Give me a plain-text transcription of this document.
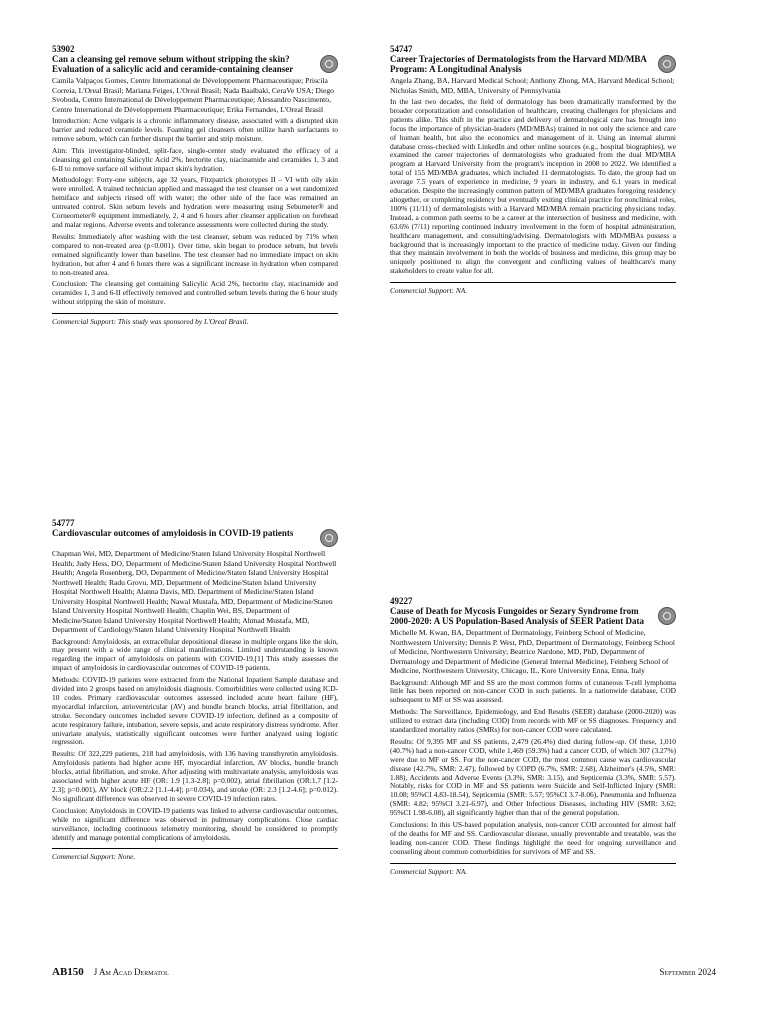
53902
Can a cleansing gel remove sebum without stripping the skin? Evaluation of a salicylic acid and ceramide-containing cleanser
Camila Valpaços Gomes, Centre International de Développement Pharmaceutique; Priscila Correia, L'Oreal Brasil; Mariana Feiges, L'Oreal Brasil; Nada Baalbaki, CeraVe USA; Diego Svoboda, Centre International de Développement Pharmaceutique; Alessandro Nascimento, Centre International de Développement Pharmaceutique; Erika Fernandes, L'Oreal Brasil
Introduction: Acne vulgaris is a chronic inflammatory disease, associated with a disrupted skin barrier and reduced ceramide levels. Foaming gel cleansers often utilize harsh surfactants to remove sebum, which can further disrupt the barrier and strip moisture.
Aim: This investigator-blinded, split-face, single-center study evaluated the efficacy of a cleansing gel containing Salicylic Acid 2%, hectorite clay, niacinamide and ceramides 1, 3 and 6-II to remove surface oil without impact skin's hydration.
Methodology: Forty-one subjects, age 32 years, Fitzpatrick phototypes II – VI with oily skin were enrolled. A trained technician applied and massaged the test cleanser on a wet randomized hemiface and subjects rinsed off with water; the other side of the face was remained an untreated control. Skin sebum levels and hydration were measuring using Sebumeter® and Corneometer® equipment immediately, 2, 4 and 6 hours after cleanser application on forehead and malar regions. Adverse events and tolerance assessments were collected during the study.
Results: Immediately after washing with the test cleanser, sebum was reduced by 71% when compared to non-treated area (p<0.001). Over time, skin began to produce sebum, but levels remained significantly lower than baseline. The test cleanser had no immediate impact on skin hydration, but after 4 and 6 hours there was a significant increase in hydration when compared to non-treated area.
Conclusion: The cleansing gel containing Salicylic Acid 2%, hectorite clay, niacinamide and ceramides 1, 3 and 6-II effectively removed and controlled sebum levels during the 6 hour study without stripping the skin of moisture.
Commercial Support: This study was sponsored by L'Oreal Brasil.
54747
Career Trajectories of Dermatologists from the Harvard MD/MBA Program: A Longitudinal Analysis
Angela Zhang, BA, Harvard Medical School; Anthony Zhong, MA, Harvard Medical School; Nicholas Smith, MD, MBA, University of Pennsylvania
In the last two decades, the field of dermatology has been dramatically transformed by the broader corporatization and consolidation of healthcare, creating challenges for physicians and patients alike. This shift in the practice and delivery of dermatological care has brought into focus the importance of physician-leaders (MD/MBAs) trained in not only the science and care of human health, but also the economics and management of it. Using an internal alumni database cross-checked with LinkedIn and other online sources (e.g., hospital biographies), we examined the career trajectories of dermatologists who graduated from the dual MD/MBA program at Harvard University from the program's inception in 2008 to 2022. We identified a total of 155 MD/MBA graduates, which included 11 dermatologists. To date, the group had on average 7.5 years of experience in medicine, 9 years in industry, and 6.1 years in medical education. Despite the increasingly common pattern of MD/MBA graduates foregoing residency altogether, or completing residency but eventually exiting clinical practice for nonclinical roles, 100% (11/11) of dermatologists with a Harvard MD/MBA remain practicing physicians today. Instead, a common path seems to be a career at the intersection of business and medicine, with 63.6% (7/11) reporting continued industry involvement in the form of hospital administration, healthcare management, and consulting/advising. Dermatologists with MD/MBAs possess a background that is increasingly important to the practice of medicine today. Given our finding that they maintain involvement in both the worlds of business and medicine, this group may be uniquely positioned to align the convergent and conflicting values of healthcare's many stakeholders to create value for all.
Commercial Support: NA.
54777
Cardiovascular outcomes of amyloidosis in COVID-19 patients
Chapman Wei, MD, Department of Medicine/Staten Island University Hospital Northwell Health; Judy Hess, DO, Department of Medicine/Staten Island University Hospital Northwell Health; Angela Rosenberg, DO, Department of Medicine/Staten Island University Hospital Northwell Health; Radu Grovu, MD, Department of Medicine/Staten Island University Hospital Northwell Health; Alanna Davis, MD, Department of Medicine/Staten Island University Hospital Northwell Health; Nawal Mustafa, MD, Department of Medicine/Staten Island University Hospital Northwell Health; Chaplin Wei, BS, Department of Medicine/Staten Island University Hospital Northwell Health; Ahmad Mustafa, MD, Department of Cardiology/Staten Island University Hospital Northwell Health
Background: Amyloidosis, an extracellular depositional disease in multiple organs like the skin, may present with a wide range of clinical manifestations. Limited understanding is known regarding the impact of amyloidosis on patients with COVID-19.[1] This study assesses the impact of amyloidosis in cardiovascular outcomes of COVID-19 patients.
Methods: COVID-19 patients were extracted from the National Inpatient Sample database and divided into 2 groups based on amyloidosis diagnosis. Comorbidities were collected using ICD-10 codes. Primary cardiovascular outcomes assessed included acute heart failure (HF), myocardial infarction, atrioventricular (AV) and bundle branch blocks, atrial fibrillation, and stroke. Secondary outcomes included severe COVID-19 infection, defined as a composite of acute respiratory failure, intubation, severe sepsis, and acute respiratory distress syndrome. After univariate analysis, statistically significant outcomes were further analyzed using logistic regression.
Results: Of 322,229 patients, 218 had amyloidosis, with 136 having transthyretin amyloidosis. Amyloidosis patients had higher acute HF, myocardial infarction, AV blocks, bundle branch blocks, atrial fibrillation, and stroke. After adjusting with multivariate analysis, amyloidosis was associated with higher acute HF (OR: 1.9 [1.3-2.8]; p=0.002), atrial fibrillation (OR:1.7 [1.2-2.3]; p=0.001), AV block (OR:2.2 [1.1-4.4]; p=0.034), and stroke (OR: 2.3 [1.2-4.6]; p=0.012). No significant difference was observed in severe COVID-19 infection rates.
Conclusion: Amyloidosis in COVID-19 patients was linked to adverse cardiovascular outcomes, while no significant difference was observed in pulmonary complications. Close cardiac surveillance, including continuous telemetry monitoring, should be considered to promptly identify and manage potential complications of amyloidosis.
Commercial Support: None.
49227
Cause of Death for Mycosis Fungoides or Sezary Syndrome from 2000-2020: A US Population-Based Analysis of SEER Patient Data
Michelle M. Kwan, BA, Department of Dermatology, Feinberg School of Medicine, Northwestern University; Dennis P. West, PhD, Department of Dermatology, Feinberg School of Medicine, Northwestern University; Beatrice Nardone, MD, PhD, Department of Dermatology and Department of Medicine (General Internal Medicine), Feinberg School of Medicine, Northwestern University, Chicago, IL, Kore University Enna, Enna, Italy
Background: Although MF and SS are the most common forms of cutaneous T-cell lymphoma little has been reported on non-cancer COD in such patients. In a nationwide database, COD subsequent to MF or SS was assessed.
Methods: The Surveillance, Epidemiology, and End Results (SEER) database (2000-2020) was utilized to extract data (including COD) from records with MF or SS diagnoses. Frequency and standardized mortality ratios (SMRs) for non-cancer COD were calculated.
Results: Of 9,395 MF and SS patients, 2,479 (26.4%) died during follow-up. Of these, 1,010 (40.7%) had a non-cancer COD, while 1,469 (59.3%) had a cancer COD, of which 307 (3.27%) were due to MF or SS. For the non-cancer COD, the most common cause was cardiovascular disease (42.7%, SMR: 2.47), followed by COPD (6.7%, SMR: 2.68), Alzheimer's (4.5%, SMR: 1.88), Accidents and Adverse Events (3.3%, SMR: 3.15), and Septicemia (3.3%, SMR: 5.57). Notably, risks for COD in MF and SS patients were Suicide and Self-Inflicted Injury (SMR: 10.08; 95%CI 4.83-18.54), Septicemia (SMR: 5.57; 95%CI 3.7-8.06), Pneumonia and Influenza (SMR: 4.82; 95%CI 3.21-6.97), and Other Infectious Diseases, including HIV (SMR: 3.62; 95%CI 1.98-6.08), all significantly higher than that of the general population.
Conclusions: In this US-based population analysis, non-cancer COD accounted for almost half of the deaths for MF and SS. Cardiovascular disease, usually preventable and treatable, was the leading non-cancer COD. These findings highlight the need for ongoing surveillance and counseling about common comorbidities for survivors of MF and SS.
Commercial Support: NA.
AB150 J Am Acad Dermatol	September 2024
